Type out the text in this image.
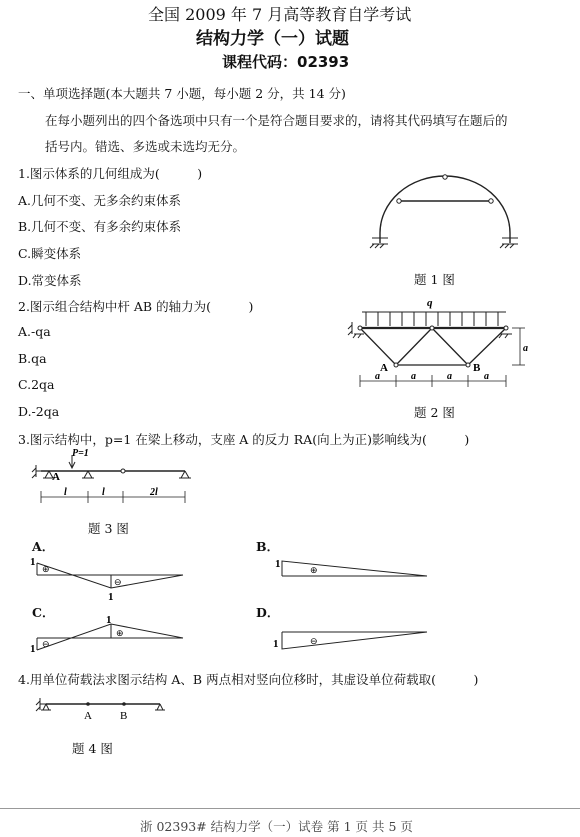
全国 2009 年 7 月高等教育自学考试
结构力学（一）试题
课程代码：02393
一、单项选择题(本大题共 7 小题，每小题 2 分，共 14 分)
在每小题列出的四个备选项中只有一个是符合题目要求的，请将其代码填写在题后的
括号内。错选、多选或未选均无分。
1.图示体系的几何组成为(　　　)
A.几何不变、无多余约束体系
B.几何不变、有多余约束体系
C.瞬变体系
D.常变体系	题 1 图
2.图示组合结构中杆 AB 的轴力为(　　　)
A.-qa
B.qa
C.2qa
D.-2qa	题 2 图
q
A	B
a
a	a	a	a
3.图示结构中，p=1 在梁上移动，支座 A 的反力 RA(向上为正)影响线为(　　　)
P=1
A
l	l	2l
题 3 图
A．
1
1
⊕
⊖
B．
1	⊕
C．
1
1
⊖
⊕
D．
1	⊖
4.用单位荷载法求图示结构 A、B 两点相对竖向位移时，其虚设单位荷载取(　　　)
A	B
题 4 图
浙 02393# 结构力学（一）试卷 第 1 页 共 5 页
